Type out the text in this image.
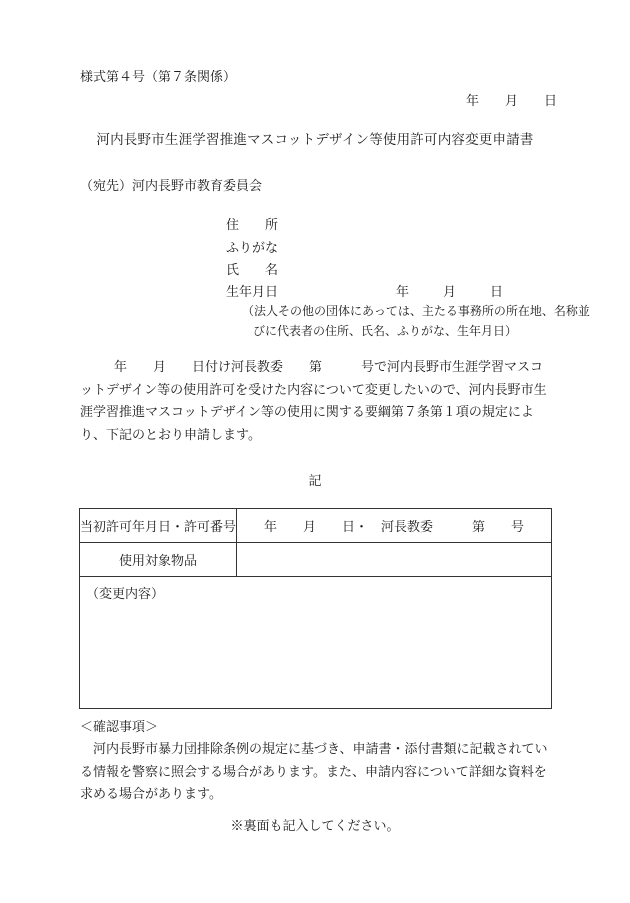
様式第４号（第７条関係）
年 月 日
河内長野市生涯学習推進マスコットデザイン等使用許可内容変更申請書
（宛先）河内長野市教育委員会
住　　所
ふりがな
氏　　名
生年月日	年	月	日
（法人その他の団体にあっては、主たる事務所の所在地、名称並
びに代表者の住所、氏名、ふりがな、生年月日）
年　　月　　日付け河長教委　　第　　　号で河内長野市生涯学習マスコットデザイン等の使用許可を受けた内容について変更したいので、河内長野市生涯学習推進マスコットデザイン等の使用に関する要綱第７条第１項の規定により、下記のとおり申請します。
記
当初許可年月日・許可番号	年　　月　　日・　河長教委　　　第　　号
使用対象物品	
（変更内容）	
＜確認事項＞
河内長野市暴力団排除条例の規定に基づき、申請書・添付書類に記載されている情報を警察に照会する場合があります。また、申請内容について詳細な資料を求める場合があります。
※裏面も記入してください。
